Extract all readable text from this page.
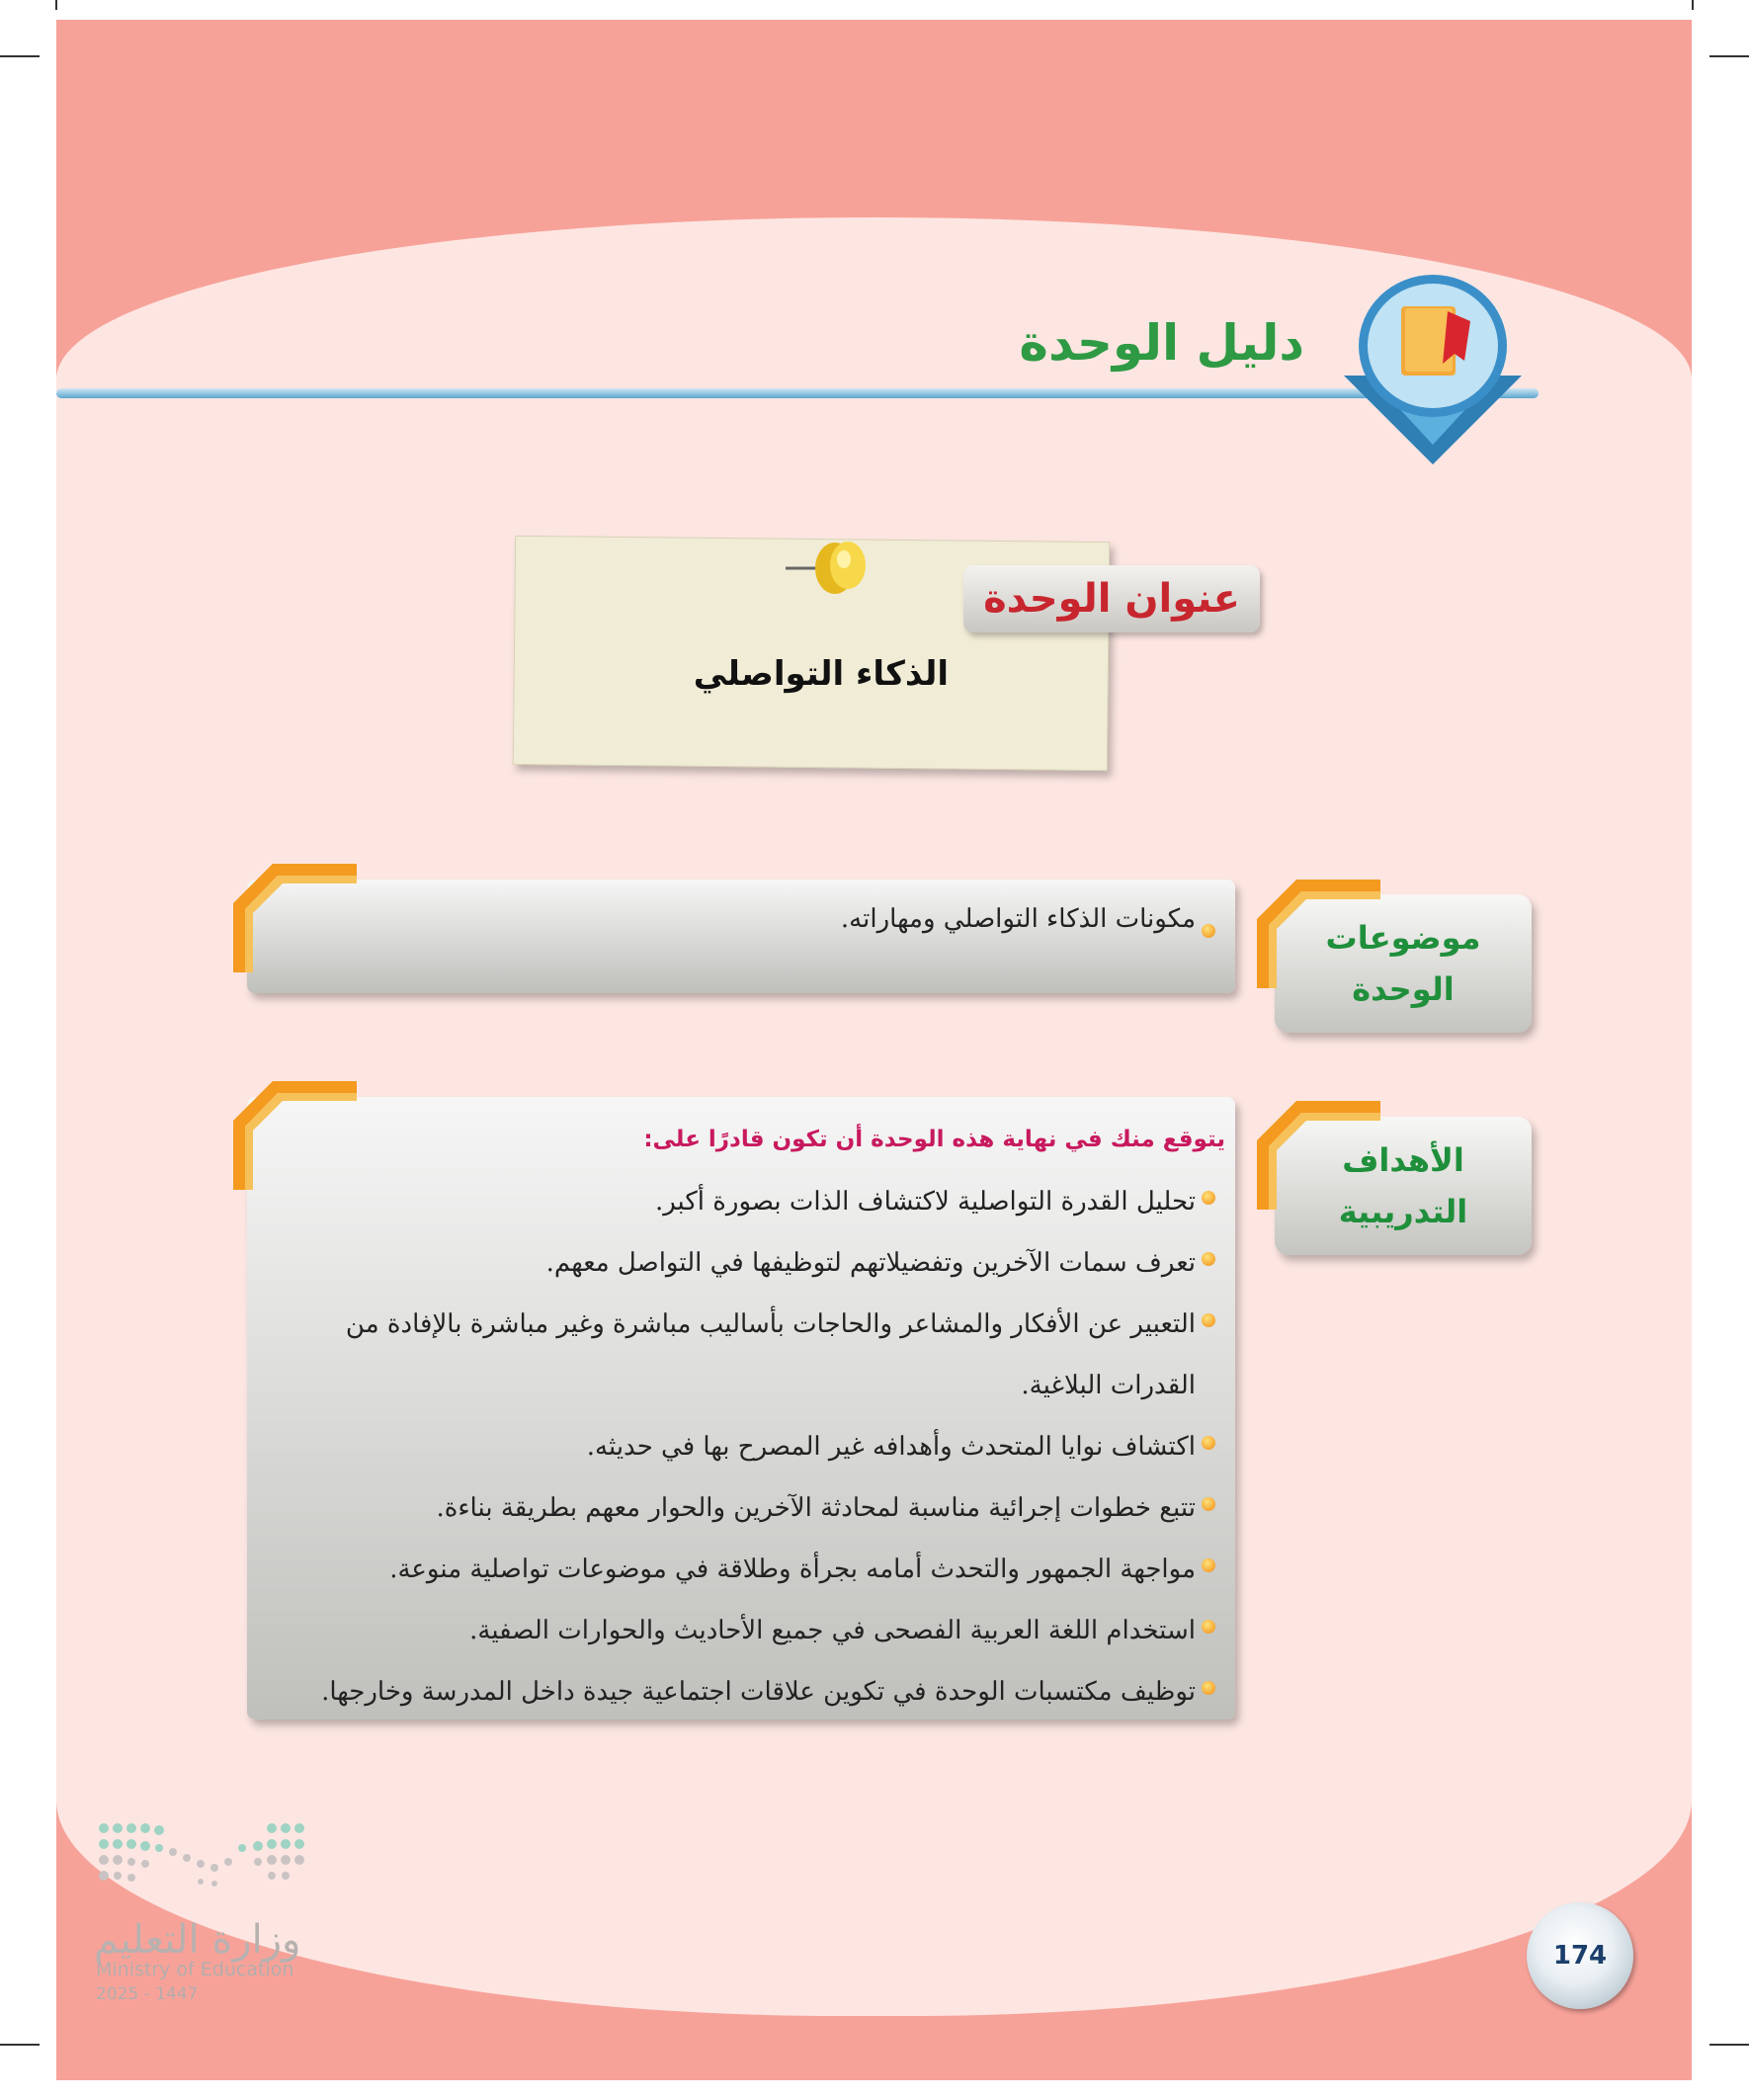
دليل الوحدة
عنوان الوحدة
الذكاء التواصلي
مكونات الذكاء التواصلي ومهاراته.	موضوعات
الوحدة
يتوقع منك في نهاية هذه الوحدة أن تكون قادرًا على:
تحليل القدرة التواصلية لاكتشاف الذات بصورة أكبر.
تعرف سمات الآخرين وتفضيلاتهم لتوظيفها في التواصل معهم.
التعبير عن الأفكار والمشاعر والحاجات بأساليب مباشرة وغير مباشرة بالإفادة من القدرات البلاغية.
اكتشاف نوايا المتحدث وأهدافه غير المصرح بها في حديثه.
تتبع خطوات إجرائية مناسبة لمحادثة الآخرين والحوار معهم بطريقة بناءة.
مواجهة الجمهور والتحدث أمامه بجرأة وطلاقة في موضوعات تواصلية منوعة.
استخدام اللغة العربية الفصحى في جميع الأحاديث والحوارات الصفية.
توظيف مكتسبات الوحدة في تكوين علاقات اجتماعية جيدة داخل المدرسة وخارجها.
الأهداف
التدريبية
وزارة التعليم
Ministry of Education
2025 - 1447
174
